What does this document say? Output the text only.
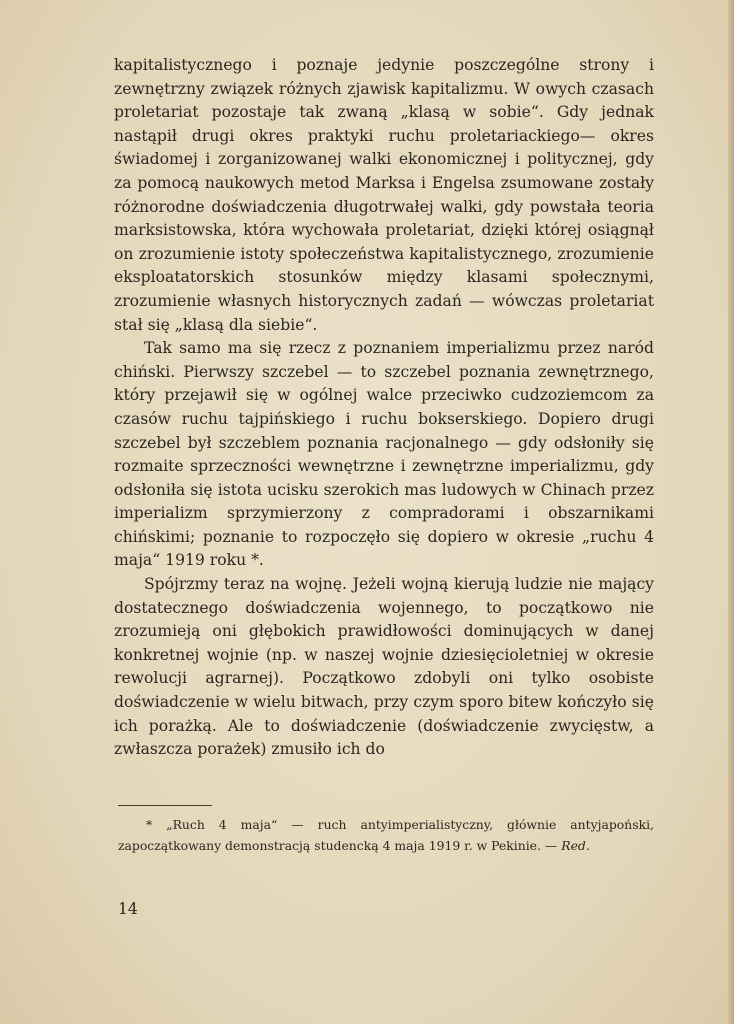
kapitalistycznego i poznaje jedynie poszczególne strony i zewnętrzny związek różnych zjawisk kapitalizmu. W owych czasach proletariat pozostaje tak zwaną „klasą w sobie“. Gdy jednak nastąpił drugi okres praktyki ruchu proletariackiego— okres świadomej i zorganizowanej walki ekonomicznej i politycznej, gdy za pomocą naukowych metod Marksa i Engelsa zsumowane zostały różnorodne doświadczenia długotrwałej walki, gdy powstała teoria marksistowska, która wychowała proletariat, dzięki której osiągnął on zrozumienie istoty społeczeństwa kapitalistycznego, zrozumienie eksploatatorskich stosunków między klasami społecznymi, zrozumienie własnych historycznych zadań — wówczas proletariat stał się „klasą dla siebie“.

Tak samo ma się rzecz z poznaniem imperializmu przez naród chiński. Pierwszy szczebel — to szczebel poznania zewnętrznego, który przejawił się w ogólnej walce przeciwko cudzoziemcom za czasów ruchu tajpińskiego i ruchu bokserskiego. Dopiero drugi szczebel był szczeblem poznania racjonalnego — gdy odsłoniły się rozmaite sprzeczności wewnętrzne i zewnętrzne imperializmu, gdy odsłoniła się istota ucisku szerokich mas ludowych w Chinach przez imperializm sprzymierzony z compradorami i obszarnikami chińskimi; poznanie to rozpoczęło się dopiero w okresie „ruchu 4 maja“ 1919 roku *.

Spójrzmy teraz na wojnę. Jeżeli wojną kierują ludzie nie mający dostatecznego doświadczenia wojennego, to początkowo nie zrozumieją oni głębokich prawidłowości dominujących w danej konkretnej wojnie (np. w naszej wojnie dziesięcioletniej w okresie rewolucji agrarnej). Początkowo zdobyli oni tylko osobiste doświadczenie w wielu bitwach, przy czym sporo bitew kończyło się ich porażką. Ale to doświadczenie (doświadczenie zwycięstw, a zwłaszcza porażek) zmusiło ich do

* „Ruch 4 maja“ — ruch antyimperialistyczny, głównie antyjapoński, zapoczątkowany demonstracją studencką 4 maja 1919 r. w Pekinie. — Red.
14
